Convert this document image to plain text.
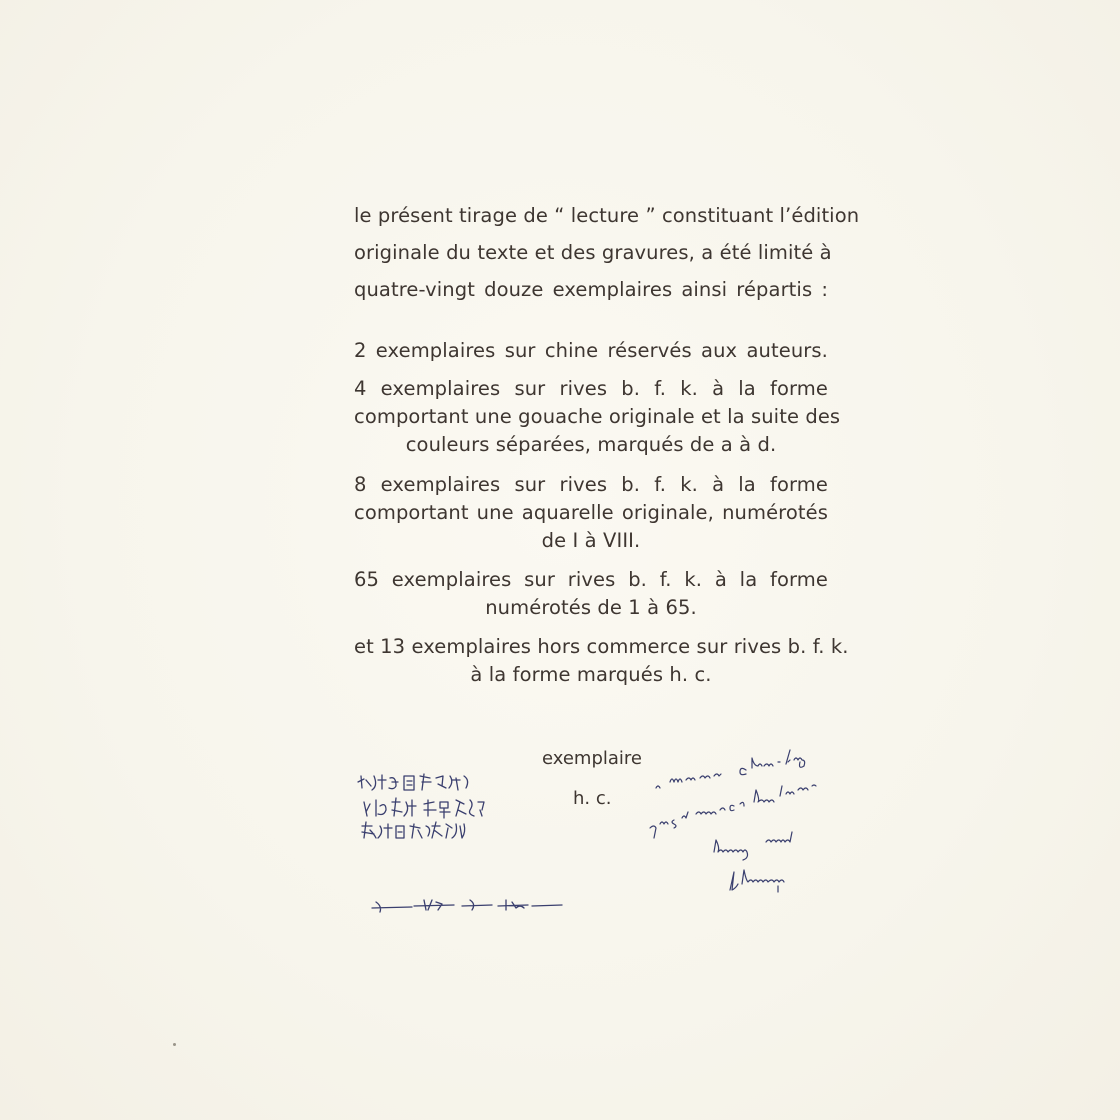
le présent tirage de “ lecture ” constituant l’édition
originale du texte et des gravures, a été limité à
quatre-vingt douze exemplaires ainsi répartis :
2 exemplaires sur chine réservés aux auteurs.
4 exemplaires sur rives b. f. k. à la forme
comportant une gouache originale et la suite des
couleurs séparées, marqués de a à d.
8 exemplaires sur rives b. f. k. à la forme
comportant une aquarelle originale, numérotés
de I à VIII.
65 exemplaires sur rives b. f. k. à la forme
numérotés de 1 à 65.
et 13 exemplaires hors commerce sur rives b. f. k.
à la forme marqués h. c.
exemplaire
h. c.
